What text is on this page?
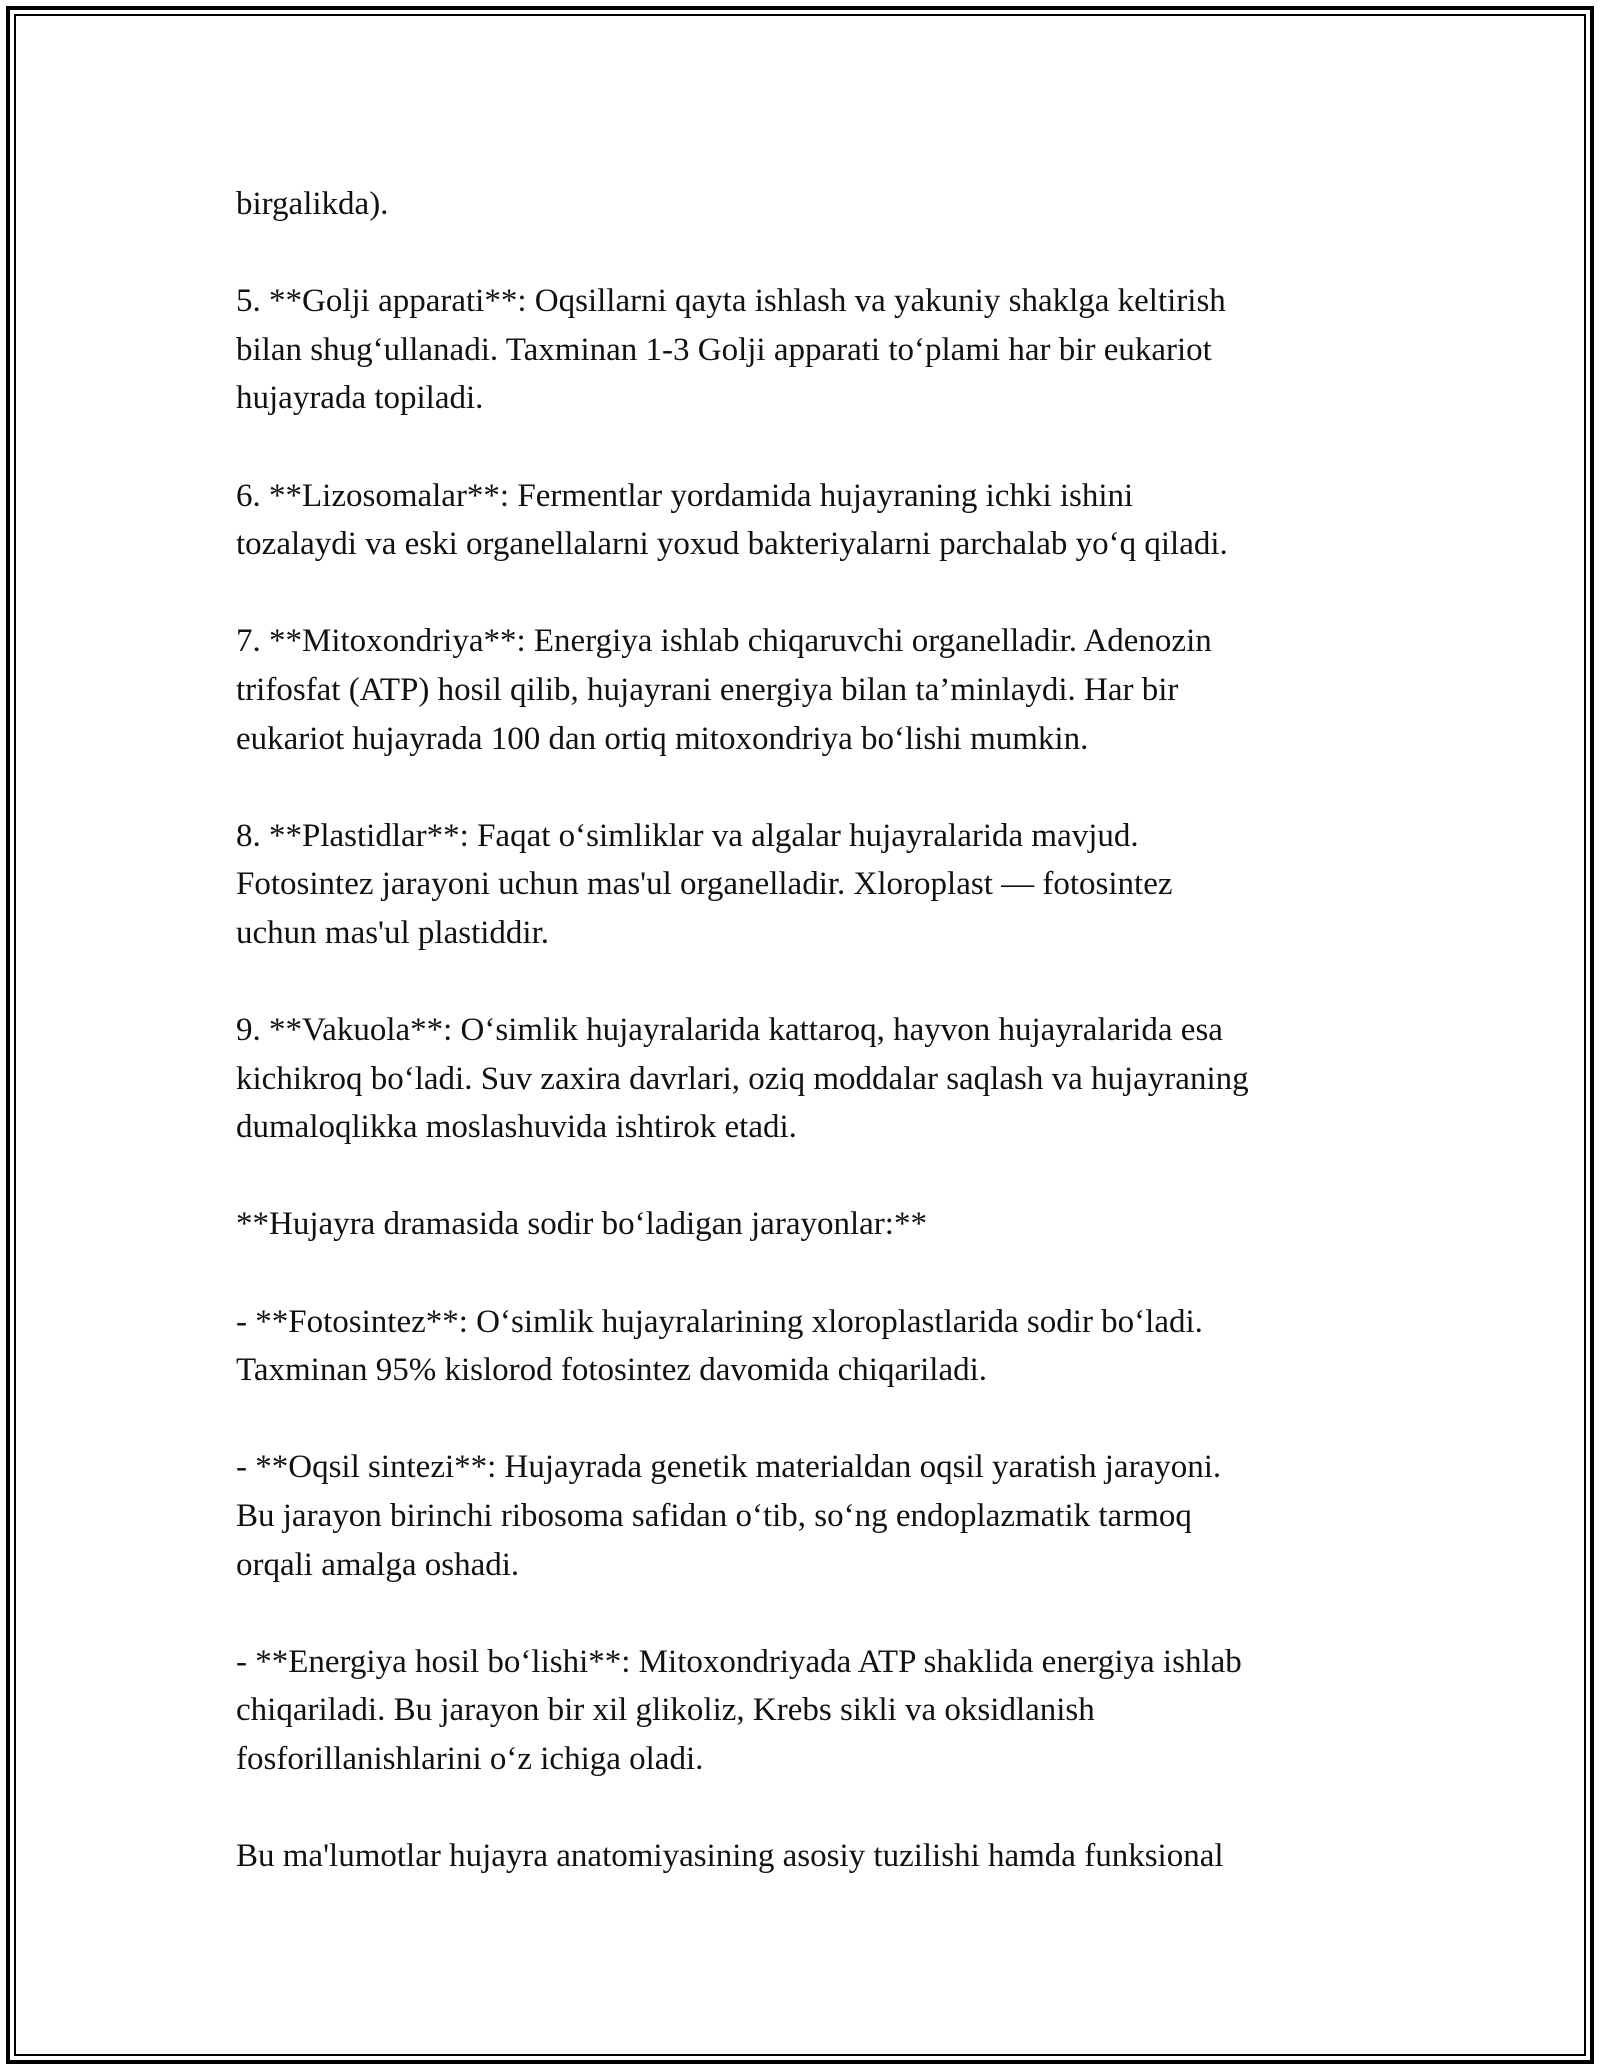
birgalikda).

5. **Golji apparati**: Oqsillarni qayta ishlash va yakuniy shaklga keltirish
bilan shug‘ullanadi. Taxminan 1-3 Golji apparati to‘plami har bir eukariot
hujayrada topiladi.

6. **Lizosomalar**: Fermentlar yordamida hujayraning ichki ishini
tozalaydi va eski organellalarni yoxud bakteriyalarni parchalab yo‘q qiladi.

7. **Mitoxondriya**: Energiya ishlab chiqaruvchi organelladir. Adenozin
trifosfat (ATP) hosil qilib, hujayrani energiya bilan ta’minlaydi. Har bir
eukariot hujayrada 100 dan ortiq mitoxondriya bo‘lishi mumkin.

8. **Plastidlar**: Faqat o‘simliklar va algalar hujayralarida mavjud.
Fotosintez jarayoni uchun mas'ul organelladir. Xloroplast — fotosintez
uchun mas'ul plastiddir.

9. **Vakuola**: O‘simlik hujayralarida kattaroq, hayvon hujayralarida esa
kichikroq bo‘ladi. Suv zaxira davrlari, oziq moddalar saqlash va hujayraning
dumaloqlikka moslashuvida ishtirok etadi.

**Hujayra dramasida sodir bo‘ladigan jarayonlar:**

- **Fotosintez**: O‘simlik hujayralarining xloroplastlarida sodir bo‘ladi.
Taxminan 95% kislorod fotosintez davomida chiqariladi.

- **Oqsil sintezi**: Hujayrada genetik materialdan oqsil yaratish jarayoni.
Bu jarayon birinchi ribosoma safidan o‘tib, so‘ng endoplazmatik tarmoq
orqali amalga oshadi.

- **Energiya hosil bo‘lishi**: Mitoxondriyada ATP shaklida energiya ishlab
chiqariladi. Bu jarayon bir xil glikoliz, Krebs sikli va oksidlanish
fosforillanishlarini o‘z ichiga oladi.

Bu ma'lumotlar hujayra anatomiyasining asosiy tuzilishi hamda funksional
